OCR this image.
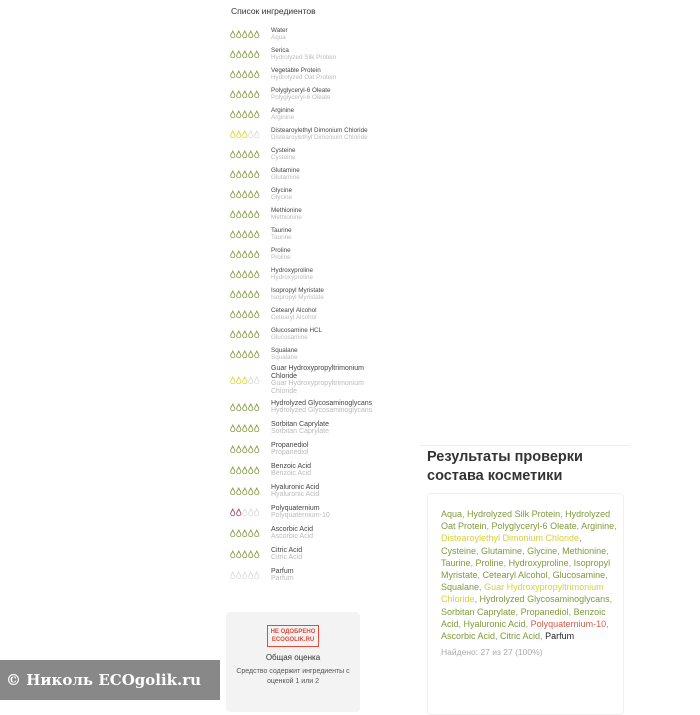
Список ингредиентов
Water
Aqua
Serica
Hydrolyzed Silk Protein
Vegetable Protein
Hydrolyzed Oat Protein
Polyglyceryl-6 Oleate
Polyglyceryl-6 Oleate
Arginine
Arginine
Distearoylethyl Dimonium Chloride
Distearoylethyl Dimonium Chloride
Cysteine
Cysteine
Glutamine
Glutamine
Glycine
Glycine
Methionine
Methionine
Taurine
Taurine
Proline
Proline
Hydroxyproline
Hydroxyproline
Isopropyl Myristate
Isopropyl Myristate
Cetearyl Alcohol
Cetearyl Alcohol
Glucosamine HCL
Glucosamine
Squalane
Squalane
Guar Hydroxypropyltrimonium Chloride
Guar Hydroxypropyltrimonium Chloride
Hydrolyzed Glycosaminoglycans
Hydrolyzed Glycosaminoglycans
Sorbitan Caprylate
Sorbitan Caprylate
Propanediol
Propanediol
Benzoic Acid
Benzoic Acid
Hyaluronic Acid
Hyaluronic Acid
Polyquaternium
Polyquaternium-10
Ascorbic Acid
Ascorbic Acid
Citric Acid
Citric Acid
Parfum
Parfum
НЕ ОДОБРЕНО
ECOGOLIK.RU
Общая оценка
Средство содержит ингредиенты с оценкой 1 или 2
Результаты проверки состава косметики
Aqua, Hydrolyzed Silk Protein, Hydrolyzed Oat Protein, Polyglyceryl-6 Oleate, Arginine, Distearoylethyl Dimonium Chloride, Cysteine, Glutamine, Glycine, Methionine, Taurine, Proline, Hydroxyproline, Isopropyl Myristate, Cetearyl Alcohol, Glucosamine, Squalane, Guar Hydroxypropyltrimonium Chloride, Hydrolyzed Glycosaminoglycans, Sorbitan Caprylate, Propanediol, Benzoic Acid, Hyaluronic Acid, Polyquaternium-10, Ascorbic Acid, Citric Acid, Parfum
Найдено: 27 из 27 (100%)
© Николь ECOgolik.ru
